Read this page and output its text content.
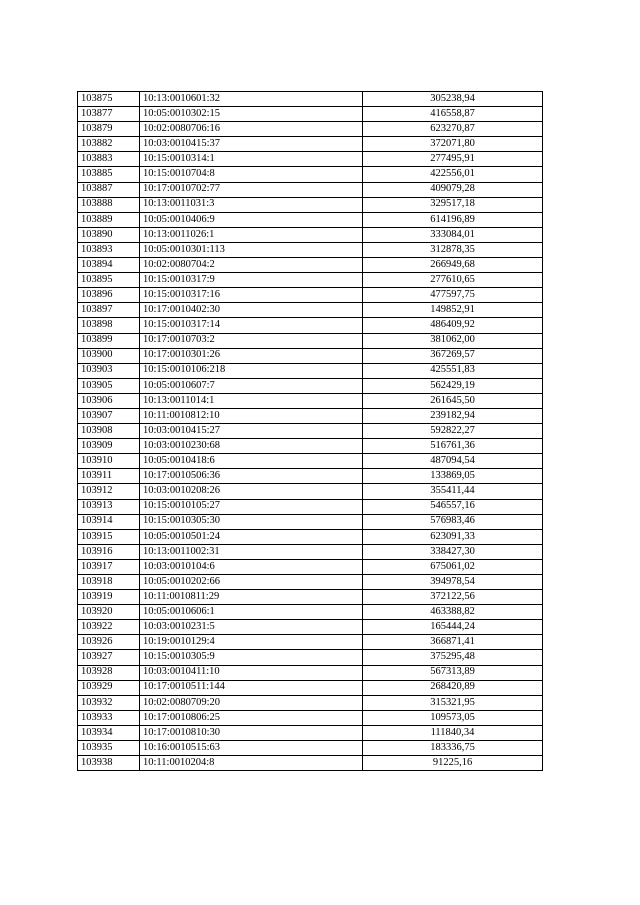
103875	10:13:0010601:32	305238,94
103877	10:05:0010302:15	416558,87
103879	10:02:0080706:16	623270,87
103882	10:03:0010415:37	372071,80
103883	10:15:0010314:1	277495,91
103885	10:15:0010704:8	422556,01
103887	10:17:0010702:77	409079,28
103888	10:13:0011031:3	329517,18
103889	10:05:0010406:9	614196,89
103890	10:13:0011026:1	333084,01
103893	10:05:0010301:113	312878,35
103894	10:02:0080704:2	266949,68
103895	10:15:0010317:9	277610,65
103896	10:15:0010317:16	477597,75
103897	10:17:0010402:30	149852,91
103898	10:15:0010317:14	486409,92
103899	10:17:0010703:2	381062,00
103900	10:17:0010301:26	367269,57
103903	10:15:0010106:218	425551,83
103905	10:05:0010607:7	562429,19
103906	10:13:0011014:1	261645,50
103907	10:11:0010812:10	239182,94
103908	10:03:0010415:27	592822,27
103909	10:03:0010230:68	516761,36
103910	10:05:0010418:6	487094,54
103911	10:17:0010506:36	133869,05
103912	10:03:0010208:26	355411,44
103913	10:15:0010105:27	546557,16
103914	10:15:0010305:30	576983,46
103915	10:05:0010501:24	623091,33
103916	10:13:0011002:31	338427,30
103917	10:03:0010104:6	675061,02
103918	10:05:0010202:66	394978,54
103919	10:11:0010811:29	372122,56
103920	10:05:0010606:1	463388,82
103922	10:03:0010231:5	165444,24
103926	10:19:0010129:4	366871,41
103927	10:15:0010305:9	375295,48
103928	10:03:0010411:10	567313,89
103929	10:17:0010511:144	268420,89
103932	10:02:0080709:20	315321,95
103933	10:17:0010806:25	109573,05
103934	10:17:0010810:30	111840,34
103935	10:16:0010515:63	183336,75
103938	10:11:0010204:8	91225,16
